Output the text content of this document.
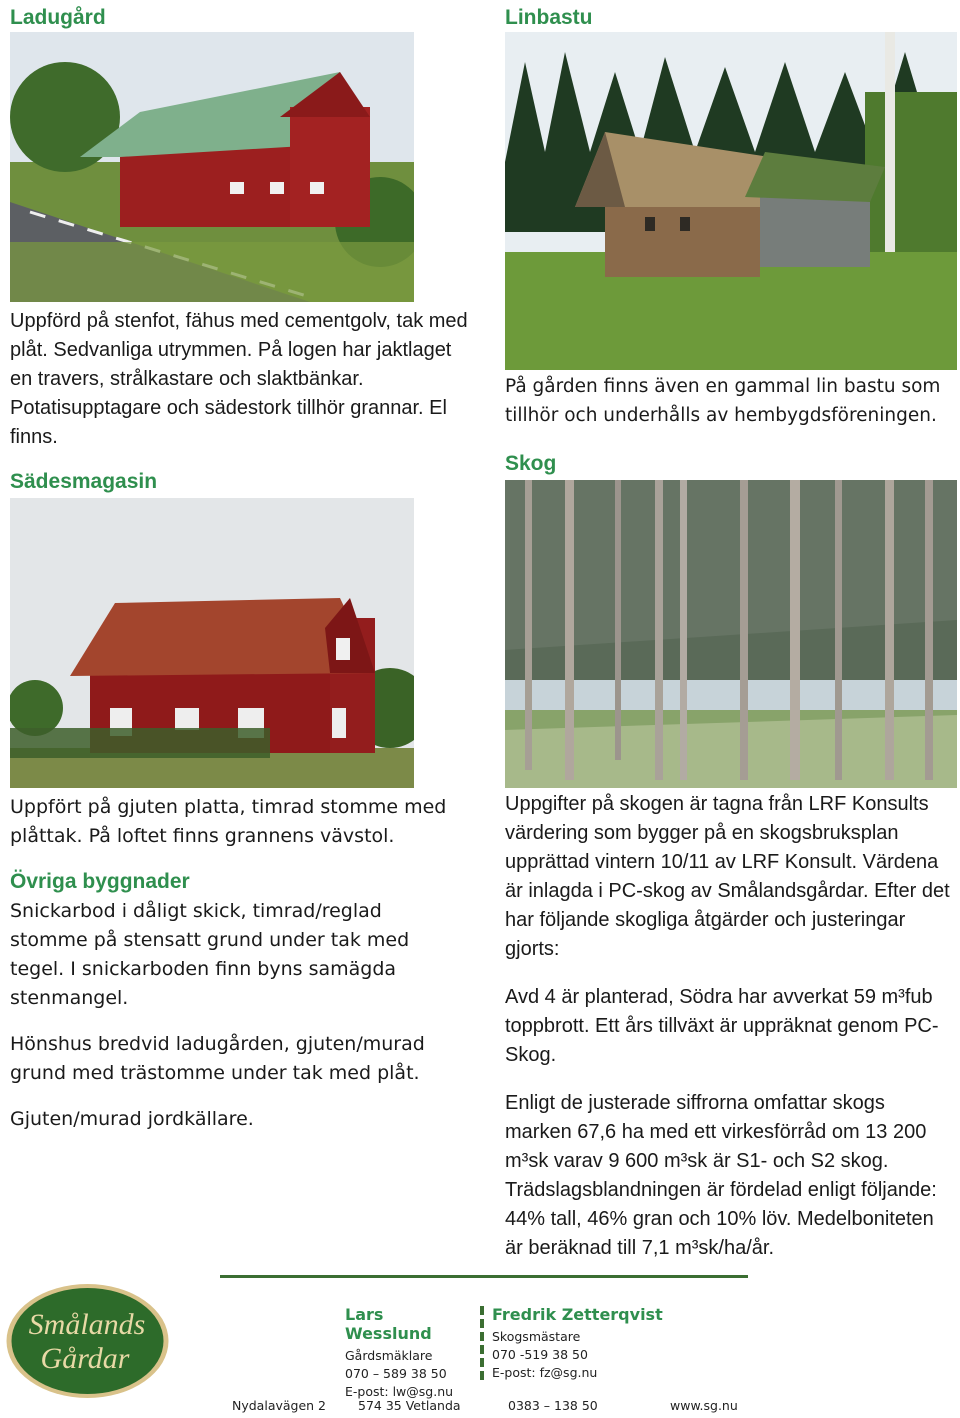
Ladugård

Uppförd på stenfot, fähus med cementgolv, tak med plåt. Sedvanliga utrymmen. På logen har jaktlaget en travers, strålkastare och slaktbänkar. Potatisupptagare och sädestork tillhör grannar. El finns.

Linbastu

På gården finns även en gammal lin bastu som tillhör och underhålls av hembygdsföreningen.

Sädesmagasin

Uppfört på gjuten platta, timrad stomme med plåttak. På loftet finns grannens vävstol.

Övriga byggnader

Snickarbod i dåligt skick, timrad/reglad stomme på stensatt grund under tak med tegel. I snickarboden finn byns samägda stenmangel.

Hönshus bredvid ladugården, gjuten/murad grund med trästomme under tak med plåt.

Gjuten/murad jordkällare.

Skog

Uppgifter på skogen är tagna från LRF Konsults värdering som bygger på en skogsbruksplan upprättad vintern 10/11 av LRF Konsult. Värdena är inlagda i PC-skog av Smålandsgårdar. Efter det har följande skogliga åtgärder och justeringar gjorts:

Avd 4 är planterad, Södra har avverkat 59 m³fub toppbrott. Ett års tillväxt är uppräknat genom PC-Skog.

Enligt de justerade siffrorna omfattar skogs marken 67,6 ha med ett virkesförråd om 13 200 m³sk varav 9 600 m³sk är S1- och S2 skog. Trädslagsblandningen är fördelad enligt följande: 44% tall, 46% gran och 10% löv. Medelboniteten är beräknad till 7,1 m³sk/ha/år.

Smålands
Gårdar
Lars Wesslund
Gårdsmäklare
070 – 589 38 50
E-post: lw@sg.nu
Fredrik Zetterqvist
Skogsmästare
070 -519 38 50
E-post: fz@sg.nu
Nydalavägen 2	574 35 Vetlanda	0383 – 138 50	www.sg.nu
